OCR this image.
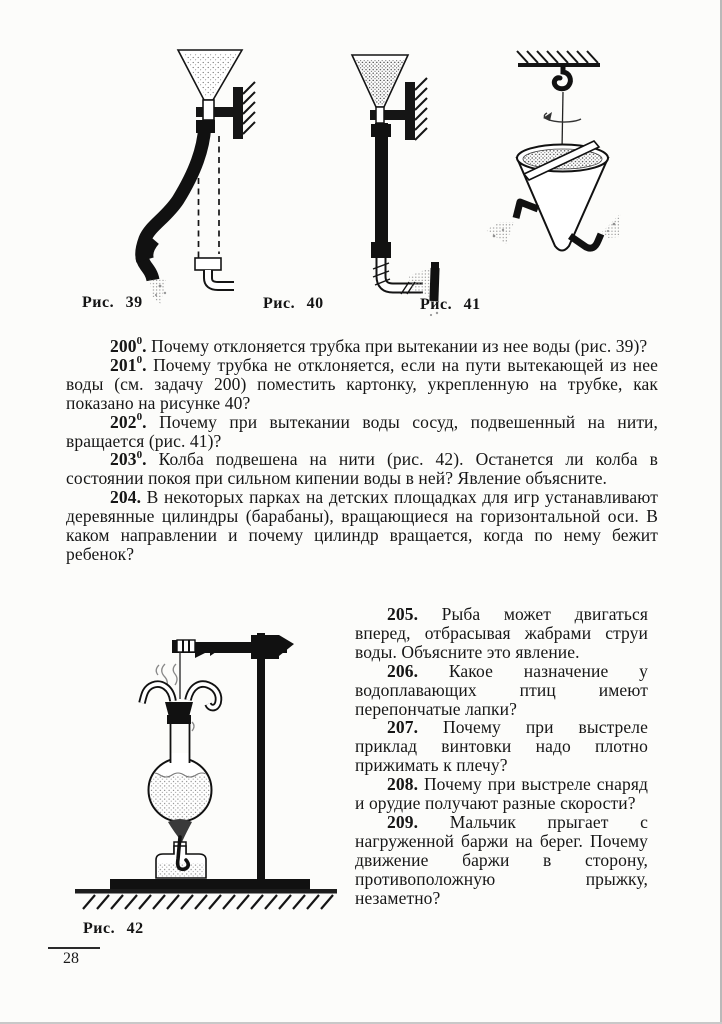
Рис. 39	Рис. 40	Рис. 41
Рис. 42

$200^0$. Почему отклоняется трубка при вытекании из нее воды (рис. 39)?

$201^0$. Почему трубка не отклоняется, если на пути вытекающей из нее воды (см. задачу 200) поместить картонку, укрепленную на трубке, как показано на рисунке 40?

$202^0$. Почему при вытекании воды сосуд, подвешенный на нити, вращается (рис. 41)?

$203^0$. Колба подвешена на нити (рис. 42). Останется ли колба в состоянии покоя при сильном кипении воды в ней? Явление объясните.

204. В некоторых парках на детских площадках для игр устанавливают деревянные цилиндры (барабаны), вращающиеся на горизонтальной оси. В каком направлении и почему цилиндр вращается, когда по нему бежит ребенок?

205. Рыба может двигаться вперед, отбрасывая жабрами струи воды. Объясните это явление.

206. Какое назначение у водоплавающих птиц имеют перепончатые лапки?

207. Почему при выстреле приклад винтовки надо плотно прижимать к плечу?

208. Почему при выстреле снаряд и орудие получают разные скорости?

209. Мальчик прыгает с нагруженной баржи на берег. Почему движение баржи в сторону, противоположную прыжку, незаметно?

28
